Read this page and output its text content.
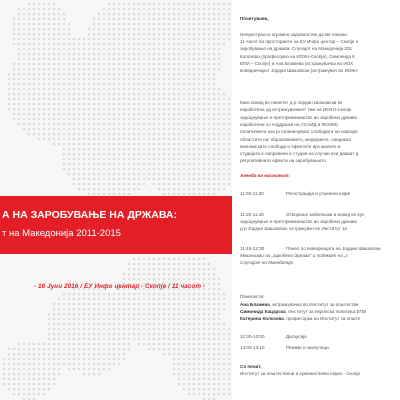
А НА ЗАРОБУВАЊЕ НА ДРЖАВА:
т на Македонија 2011-2015
- 16 Јуни 2016 / ЕУ Инфо центар - Скопје / 11 часот -
Почитувани,
Непристрасно огромно задоволство да Ве покани
11 часот во просториите на ЕУ Инфо центар – Скопје н
заробување на држава: Случајот на Македонија 201
Колозова (професорка на ИОХН-Скопје), Симонида К
ЕПИ – Скопје) и Ана Блажева (истражувачка во ИОХ
воведничарот Јордан Шишовски (истражувач во ИОХН
Како вовед во панелот д-р Јордан Шишовски ќе
изработена од истражувачкиот тим на ИОХН-Скопје
задоцнување и претприемништво во заробена држава
изработена со поддршка на УСАИД и ФООМ).
политичките кои ја ограничуваат слободата на изразув
областите на: образованието, медиумите, синдикал
економските слободи и ефектите врз малите и
студијата е направена и студии на случаи кои даваат д
регулативните ефекти на заробувањето.
Агенда на настанот:
11:00-11:30	Регистрација и утрински кафе
11:30-11:45	Отворање забелешки и вовед во кус
задоцнување и претприемништво во заробена држава
д-р Јордан Шишовски, истражувач во Институт за
11:45-12:30	Панел по воведницата на Јордан Шишовски
Механизми на „заробена држава" и подемот на „з
Случајот на Македонија
Панелисти:
Ана Блажева, истражувачка во Институт за општестве
Симонида Кацарска, Институт за европска политика ЕПИ
Катерина Колозова, професорка на Институт за опште
12:30-13:00	Дискусија
13:00-13:10	Резиме и заклучоци
Со почит,
Институт за општествени и хуманистички науки - Скопје
